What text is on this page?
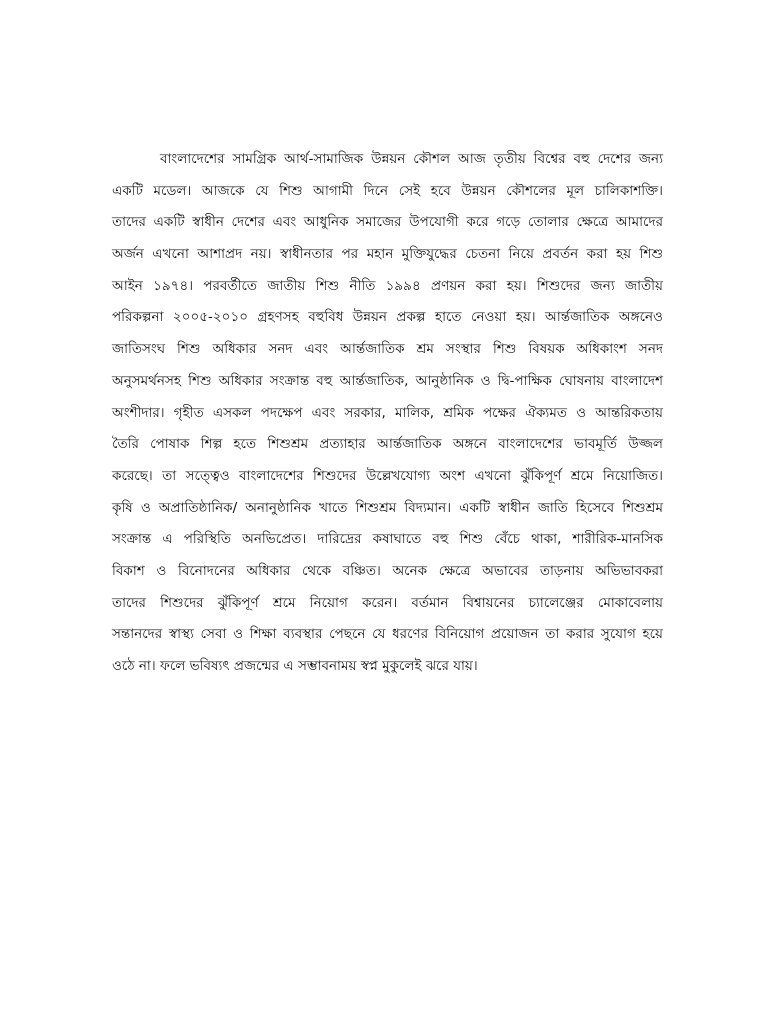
বাংলাদেশের সামগ্রিক আর্থ-সামাজিক উন্নয়ন কৌশল আজ তৃতীয় বিশ্বের বহু দেশের জন্য
একটি মডেল। আজকে যে শিশু আগামী দিনে সেই হবে উন্নয়ন কৌশলের মূল চালিকাশক্তি।
তাদের একটি স্বাধীন দেশের এবং আধুনিক সমাজের উপযোগী করে গড়ে তোলার ক্ষেত্রে আমাদের
অর্জন এখনো আশাপ্রদ নয়। স্বাধীনতার পর মহান মুক্তিযুদ্ধের চেতনা নিয়ে প্রবর্তন করা হয় শিশু
আইন ১৯৭৪। পরবর্তীতে জাতীয় শিশু নীতি ১৯৯৪ প্রণয়ন করা হয়। শিশুদের জন্য জাতীয়
পরিকল্পনা ২০০৫-২০১০ গ্রহণসহ বহুবিধ উন্নয়ন প্রকল্প হাতে নেওয়া হয়। আর্ন্তজাতিক অঙ্গনেও
জাতিসংঘ শিশু অধিকার সনদ এবং আর্ন্তজাতিক শ্রম সংস্থার শিশু বিষয়ক অধিকাংশ সনদ
অনুসমর্থনসহ শিশু অধিকার সংক্রান্ত বহু আর্ন্তজাতিক, আনুষ্ঠানিক ও দ্বি-পাক্ষিক ঘোষনায় বাংলাদেশ
অংশীদার। গৃহীত এসকল পদক্ষেপ এবং সরকার, মালিক, শ্রমিক পক্ষের ঐক্যমত ও আন্তরিকতায়
তৈরি পোষাক শিল্প হতে শিশুশ্রম প্রত্যাহার আর্ন্তজাতিক অঙ্গনে বাংলাদেশের ভাবমূর্তি উজ্জল
করেছে। তা সত্ত্বেও বাংলাদেশের শিশুদের উল্লেখযোগ্য অংশ এখনো ঝুঁকিপূর্ণ শ্রমে নিয়োজিত।
কৃষি ও অপ্রাতিষ্ঠানিক/ অনানুষ্ঠানিক খাতে শিশুশ্রম বিদ্যমান। একটি স্বাধীন জাতি হিসেবে শিশুশ্রম
সংক্রান্ত এ পরিস্থিতি অনভিপ্রেত। দারিদ্রের কষাঘাতে বহু শিশু বেঁচে থাকা, শারীরিক-মানসিক
বিকাশ ও বিনোদনের অধিকার থেকে বঞ্চিত। অনেক ক্ষেত্রে অভাবের তাড়নায় অভিভাবকরা
তাদের শিশুদের ঝুঁকিপূর্ণ শ্রমে নিয়োগ করেন। বর্তমান বিশ্বায়নের চ্যালেঞ্জের মোকাবেলায়
সন্তানদের স্বাস্থ্য সেবা ও শিক্ষা ব্যবস্থার পেছনে যে ধরণের বিনিয়োগ প্রয়োজন তা করার সুযোগ হয়ে
ওঠে না। ফলে ভবিষ্যৎ প্রজন্মের এ সম্ভাবনাময় স্বপ্ন মুকুলেই ঝরে যায়।
